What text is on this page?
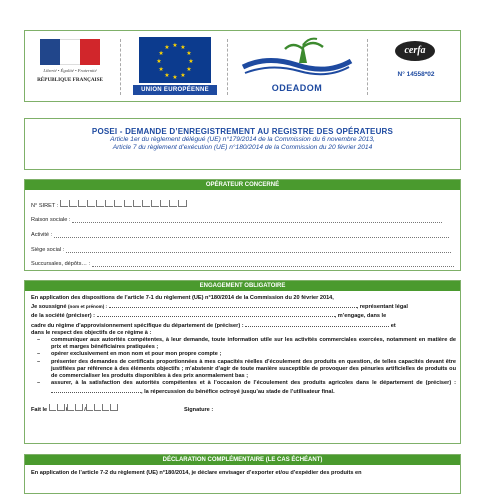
Liberté • Égalité • Fraternité
RÉPUBLIQUE FRANÇAISE
★ ★
★
★
★
★
★
★
★
★
★
★
UNION EUROPÉENNE	ODEADOM
cerfa
N° 14558*02
POSEI - DEMANDE D’ENREGISTREMENT AU REGISTRE DES OPÉRATEURS
Article 1er du règlement délégué (UE) n°179/2014 de la Commission du 6 novembre 2013,
Article 7 du règlement d’exécution (UE) n°180/2014 de la Commission du 20 février 2014
OPÉRATEUR CONCERNÉ
N° SIRET :
Raison sociale :
Activité :
Siège social :
Succursales, dépôts… :
ENGAGEMENT OBLIGATOIRE

En application des dispositions de l’article 7-1 du règlement (UE) n°180/2014 de la Commission du 20 février 2014,

Je soussigné (nom et prénom) :	, représentant légal

de la société (préciser) :	, m’engage, dans le

cadre du régime d’approvisionnement spécifique du département de (préciser) :	et

dans le respect des objectifs de ce régime à :

– communiquer aux autorités compétentes, à leur demande, toute information utile sur les activités commerciales exercées, notamment en matière de prix et marges bénéficiaires pratiquées ;
– opérer exclusivement en mon nom et pour mon propre compte ;
– présenter des demandes de certificats proportionnées à mes capacités réelles d’écoulement des produits en question, de telles capacités devant être justifiées par référence à des éléments objectifs ; m’abstenir d’agir de toute manière susceptible de provoquer des pénuries artificielles de produits ou de commercialiser les produits disponibles à des prix anormalement bas ;
– assurer, à la satisfaction des autorités compétentes et à l’occasion de l’écoulement des produits agricoles dans le département de (préciser) : , la répercussion du bénéfice octroyé jusqu’au stade de l’utilisateur final.

Fait le	/	/	Signature :

DÉCLARATION COMPLÉMENTAIRE (LE CAS ÉCHÉANT)
En application de l’article 7-2 du règlement (UE) n°180/2014, je déclare envisager d’exporter et/ou d’expédier des produits en
